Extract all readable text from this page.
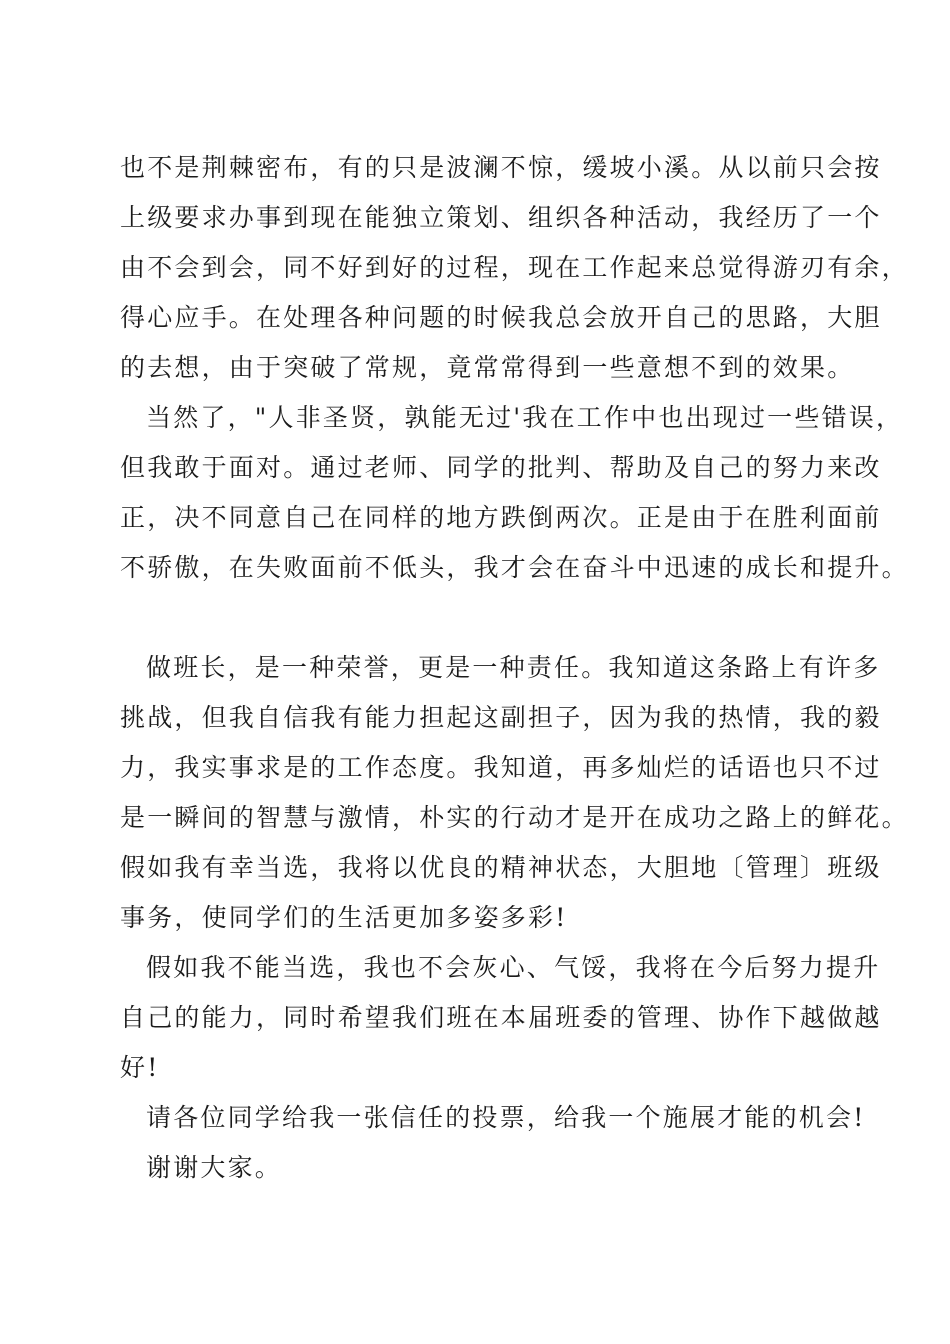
也不是荆棘密布，有的只是波澜不惊，缓坡小溪。从以前只会按
上级要求办事到现在能独立策划、组织各种活动，我经历了一个
由不会到会，同不好到好的过程，现在工作起来总觉得游刃有余，
得心应手。在处理各种问题的时候我总会放开自己的思路，大胆
的去想，由于突破了常规，竟常常得到一些意想不到的效果。
当然了，"人非圣贤，孰能无过'我在工作中也出现过一些错误，
但我敢于面对。通过老师、同学的批判、帮助及自己的努力来改
正，决不同意自己在同样的地方跌倒两次。正是由于在胜利面前
不骄傲，在失败面前不低头，我才会在奋斗中迅速的成长和提升。
做班长，是一种荣誉，更是一种责任。我知道这条路上有许多
挑战，但我自信我有能力担起这副担子，因为我的热情，我的毅
力，我实事求是的工作态度。我知道，再多灿烂的话语也只不过
是一瞬间的智慧与激情，朴实的行动才是开在成功之路上的鲜花。
假如我有幸当选，我将以优良的精神状态，大胆地〔管理〕班级
事务，使同学们的生活更加多姿多彩!
假如我不能当选，我也不会灰心、气馁，我将在今后努力提升
自己的能力，同时希望我们班在本届班委的管理、协作下越做越
好!
请各位同学给我一张信任的投票，给我一个施展才能的机会!
谢谢大家。
